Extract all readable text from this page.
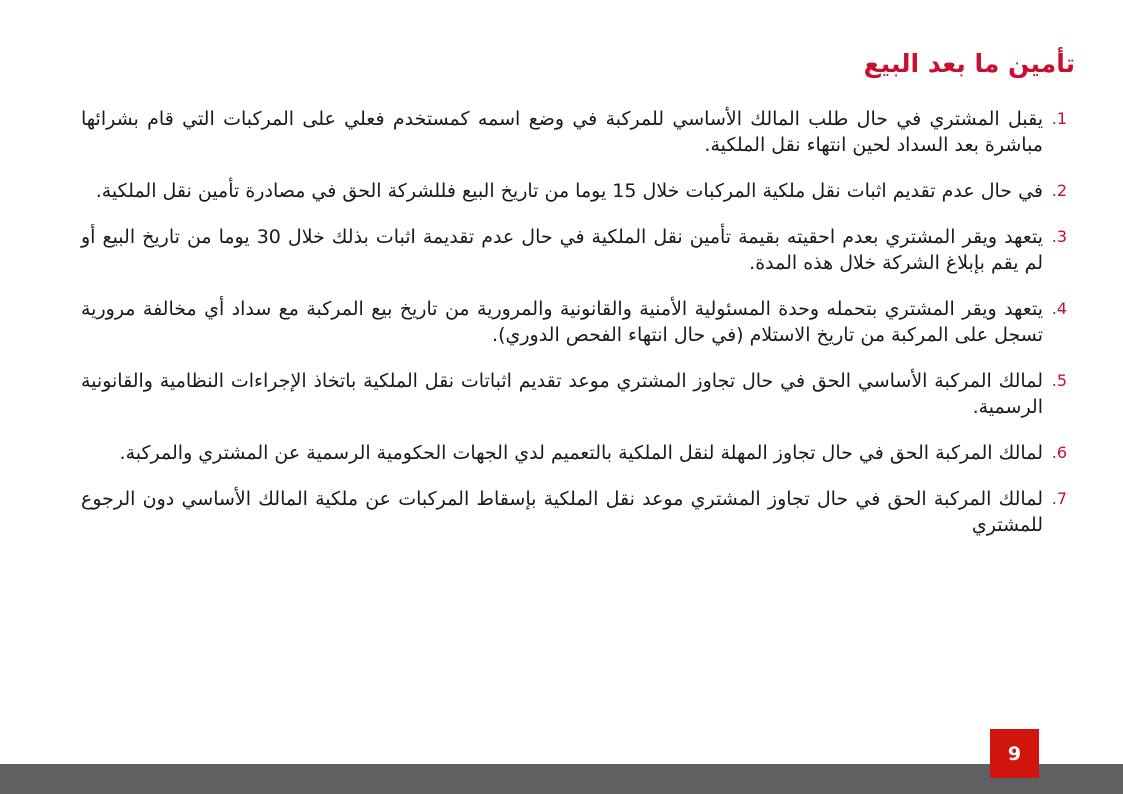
تأمين ما بعد البيع
1.
يقبل المشتري في حال طلب المالك الأساسي للمركبة في وضع اسمه كمستخدم فعلي على المركبات التي قام بشرائها مباشرة بعد السداد لحين انتهاء نقل الملكية.
2.
في حال عدم تقديم اثبات نقل ملكية المركبات خلال 15 يوما من تاريخ البيع فللشركة الحق في مصادرة تأمين نقل الملكية.
3.
يتعهد ويقر المشتري بعدم احقيته بقيمة تأمين نقل الملكية في حال عدم تقديمة اثبات بذلك خلال 30 يوما من تاريخ البيع أو لم يقم بإبلاغ الشركة خلال هذه المدة.
4.
يتعهد ويقر المشتري بتحمله وحدة المسئولية الأمنية والقانونية والمرورية من تاريخ بيع المركبة مع سداد أي مخالفة مرورية تسجل على المركبة من تاريخ الاستلام (في حال انتهاء الفحص الدوري).
5.
لمالك المركبة الأساسي الحق في حال تجاوز المشتري موعد تقديم اثباتات نقل الملكية باتخاذ الإجراءات النظامية والقانونية الرسمية.
6.
لمالك المركبة الحق في حال تجاوز المهلة لنقل الملكية بالتعميم لدي الجهات الحكومية الرسمية عن المشتري والمركبة.
7.
لمالك المركبة الحق في حال تجاوز المشتري موعد نقل الملكية بإسقاط المركبات عن ملكية المالك الأساسي دون الرجوع للمشتري
9
